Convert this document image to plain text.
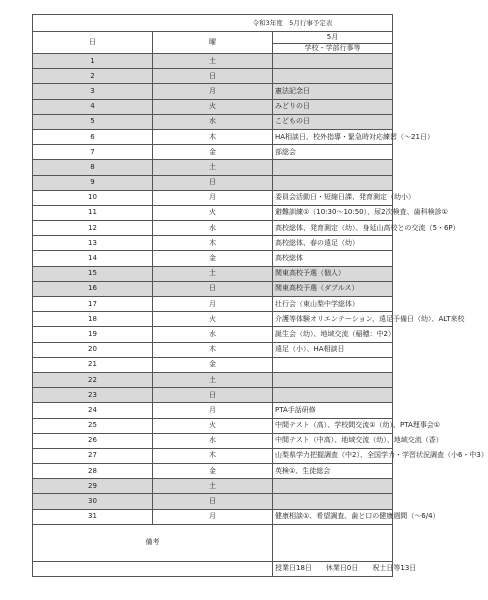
令和3年度　5月行事予定表		
日	曜	5月
		学校・学部行事等
1	土	
2	日	
3	月	憲法記念日
4	火	みどりの日
5	水	こどもの日
6	木	HA相談日、校外指導・緊急時対応練習（～21日）
7	金	部総会
8	土	
9	日	
10	月	委員会活動日・短縮日課、発育測定（幼小）
11	火	避難訓練①（10:30～10:50）、尿2次検査、歯科検診①
12	水	高校総体、発育測定（幼）、身延山高校との交流（5・6P）
13	木	高校総体、春の遠足（幼）
14	金	高校総体
15	土	関東高校予選（個人）
16	日	関東高校予選（ダブルス）
17	月	壮行会（東山梨中学総体）
18	火	介護等体験オリエンテーション、遠足予備日（幼）、ALT来校
19	水	誕生会（幼）、地域交流（稲穂：中2）
20	木	遠足（小）、HA相談日
21	金	
22	土	
23	日	
24	月	PTA手話研修
25	火	中間テスト（高）、学校間交流①（幼）、PTA理事会①
26	水	中間テスト（中高）、地域交流（幼）、地域交流（香）
27	木	山梨県学力把握調査（中2）、全国学力・学習状況調査（小6・中3）
28	金	英検①、生徒総会
29	土	
30	日	
31	月	健康相談①、希望調査、歯と口の健康週間（～6/4）
備考		
		授業日18日　　休業日0日　　祝土日等13日
